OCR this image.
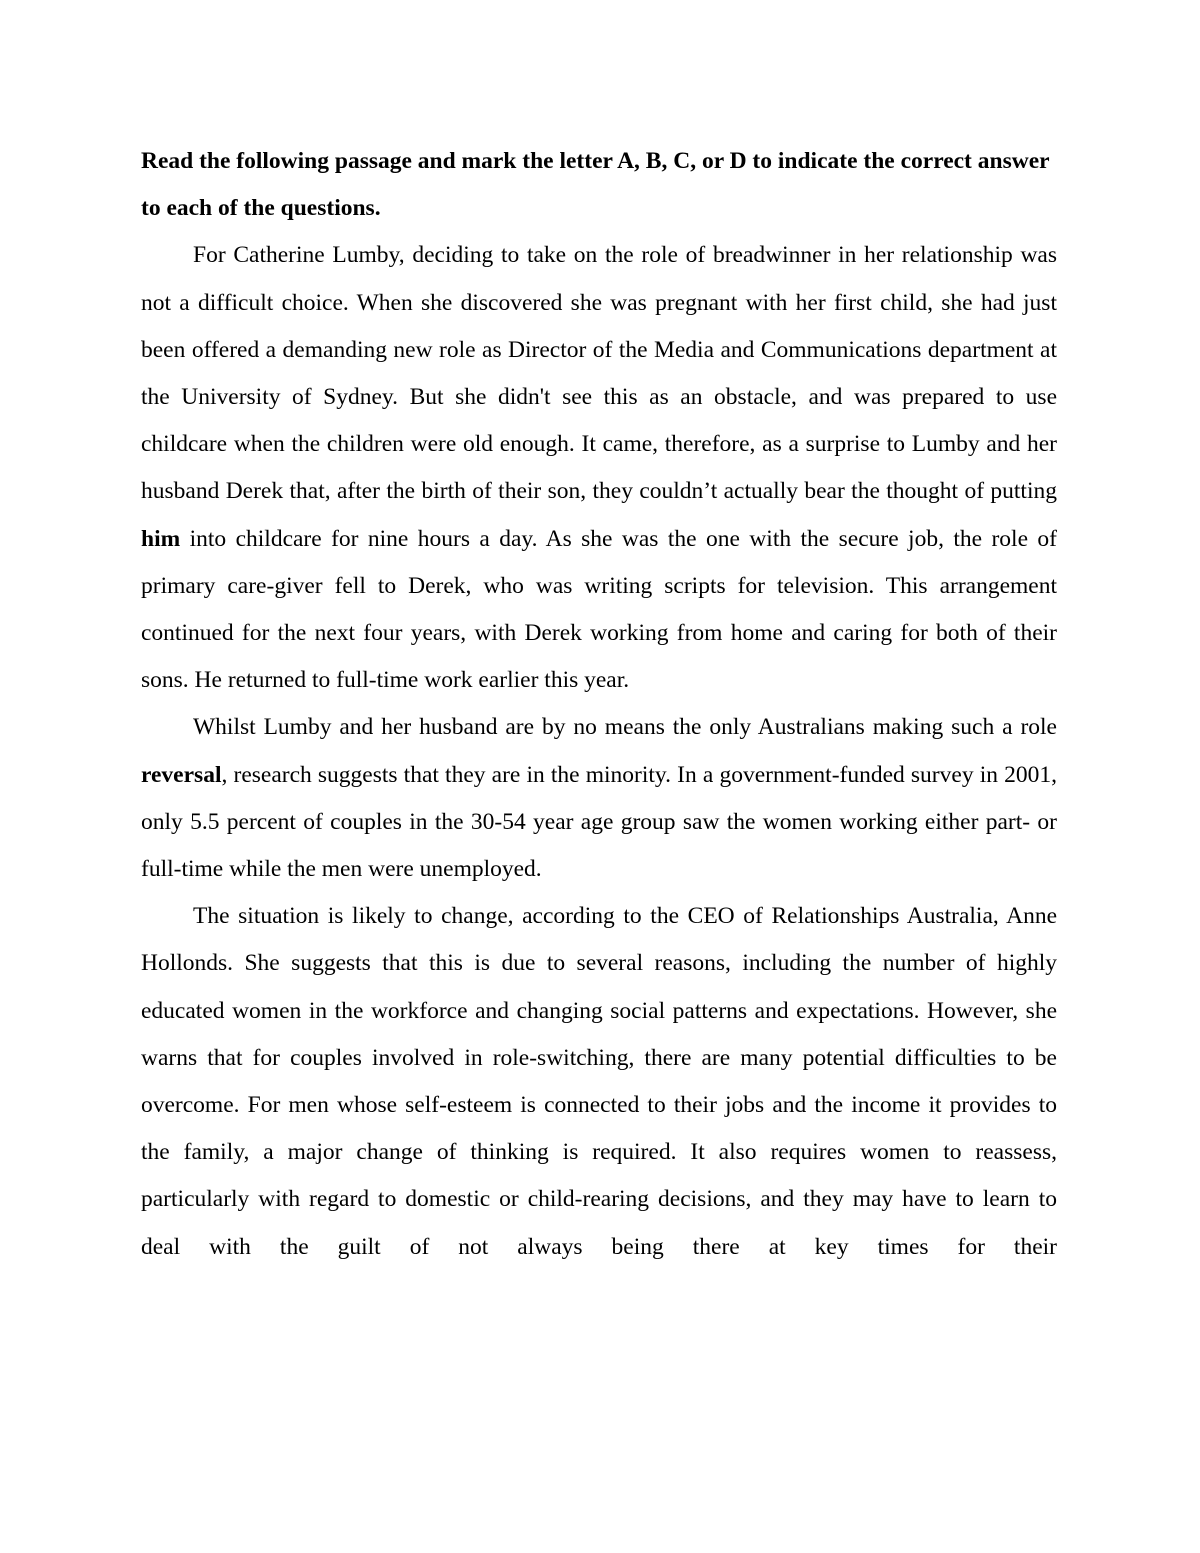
Read the following passage and mark the letter A, B, C, or D to indicate the correct answer to each of the questions.

For Catherine Lumby, deciding to take on the role of breadwinner in her relationship was not a difficult choice. When she discovered she was pregnant with her first child, she had just been offered a demanding new role as Director of the Media and Communications department at the University of Sydney. But she didn't see this as an obstacle, and was prepared to use childcare when the children were old enough. It came, therefore, as a surprise to Lumby and her husband Derek that, after the birth of their son, they couldn’t actually bear the thought of putting him into childcare for nine hours a day. As she was the one with the secure job, the role of primary care-giver fell to Derek, who was writing scripts for television. This arrangement continued for the next four years, with Derek working from home and caring for both of their sons. He returned to full-time work earlier this year.

Whilst Lumby and her husband are by no means the only Australians making such a role reversal, research suggests that they are in the minority. In a government-funded survey in 2001, only 5.5 percent of couples in the 30-54 year age group saw the women working either part- or full-time while the men were unemployed.

The situation is likely to change, according to the CEO of Relationships Australia, Anne Hollonds. She suggests that this is due to several reasons, including the number of highly educated women in the workforce and changing social patterns and expectations. However, she warns that for couples involved in role-switching, there are many potential difficulties to be overcome. For men whose self-esteem is connected to their jobs and the income it provides to the family, a major change of thinking is required. It also requires women to reassess, particularly with regard to domestic or child-rearing decisions, and they may have to learn to deal with the guilt of not always being there at key times for their
